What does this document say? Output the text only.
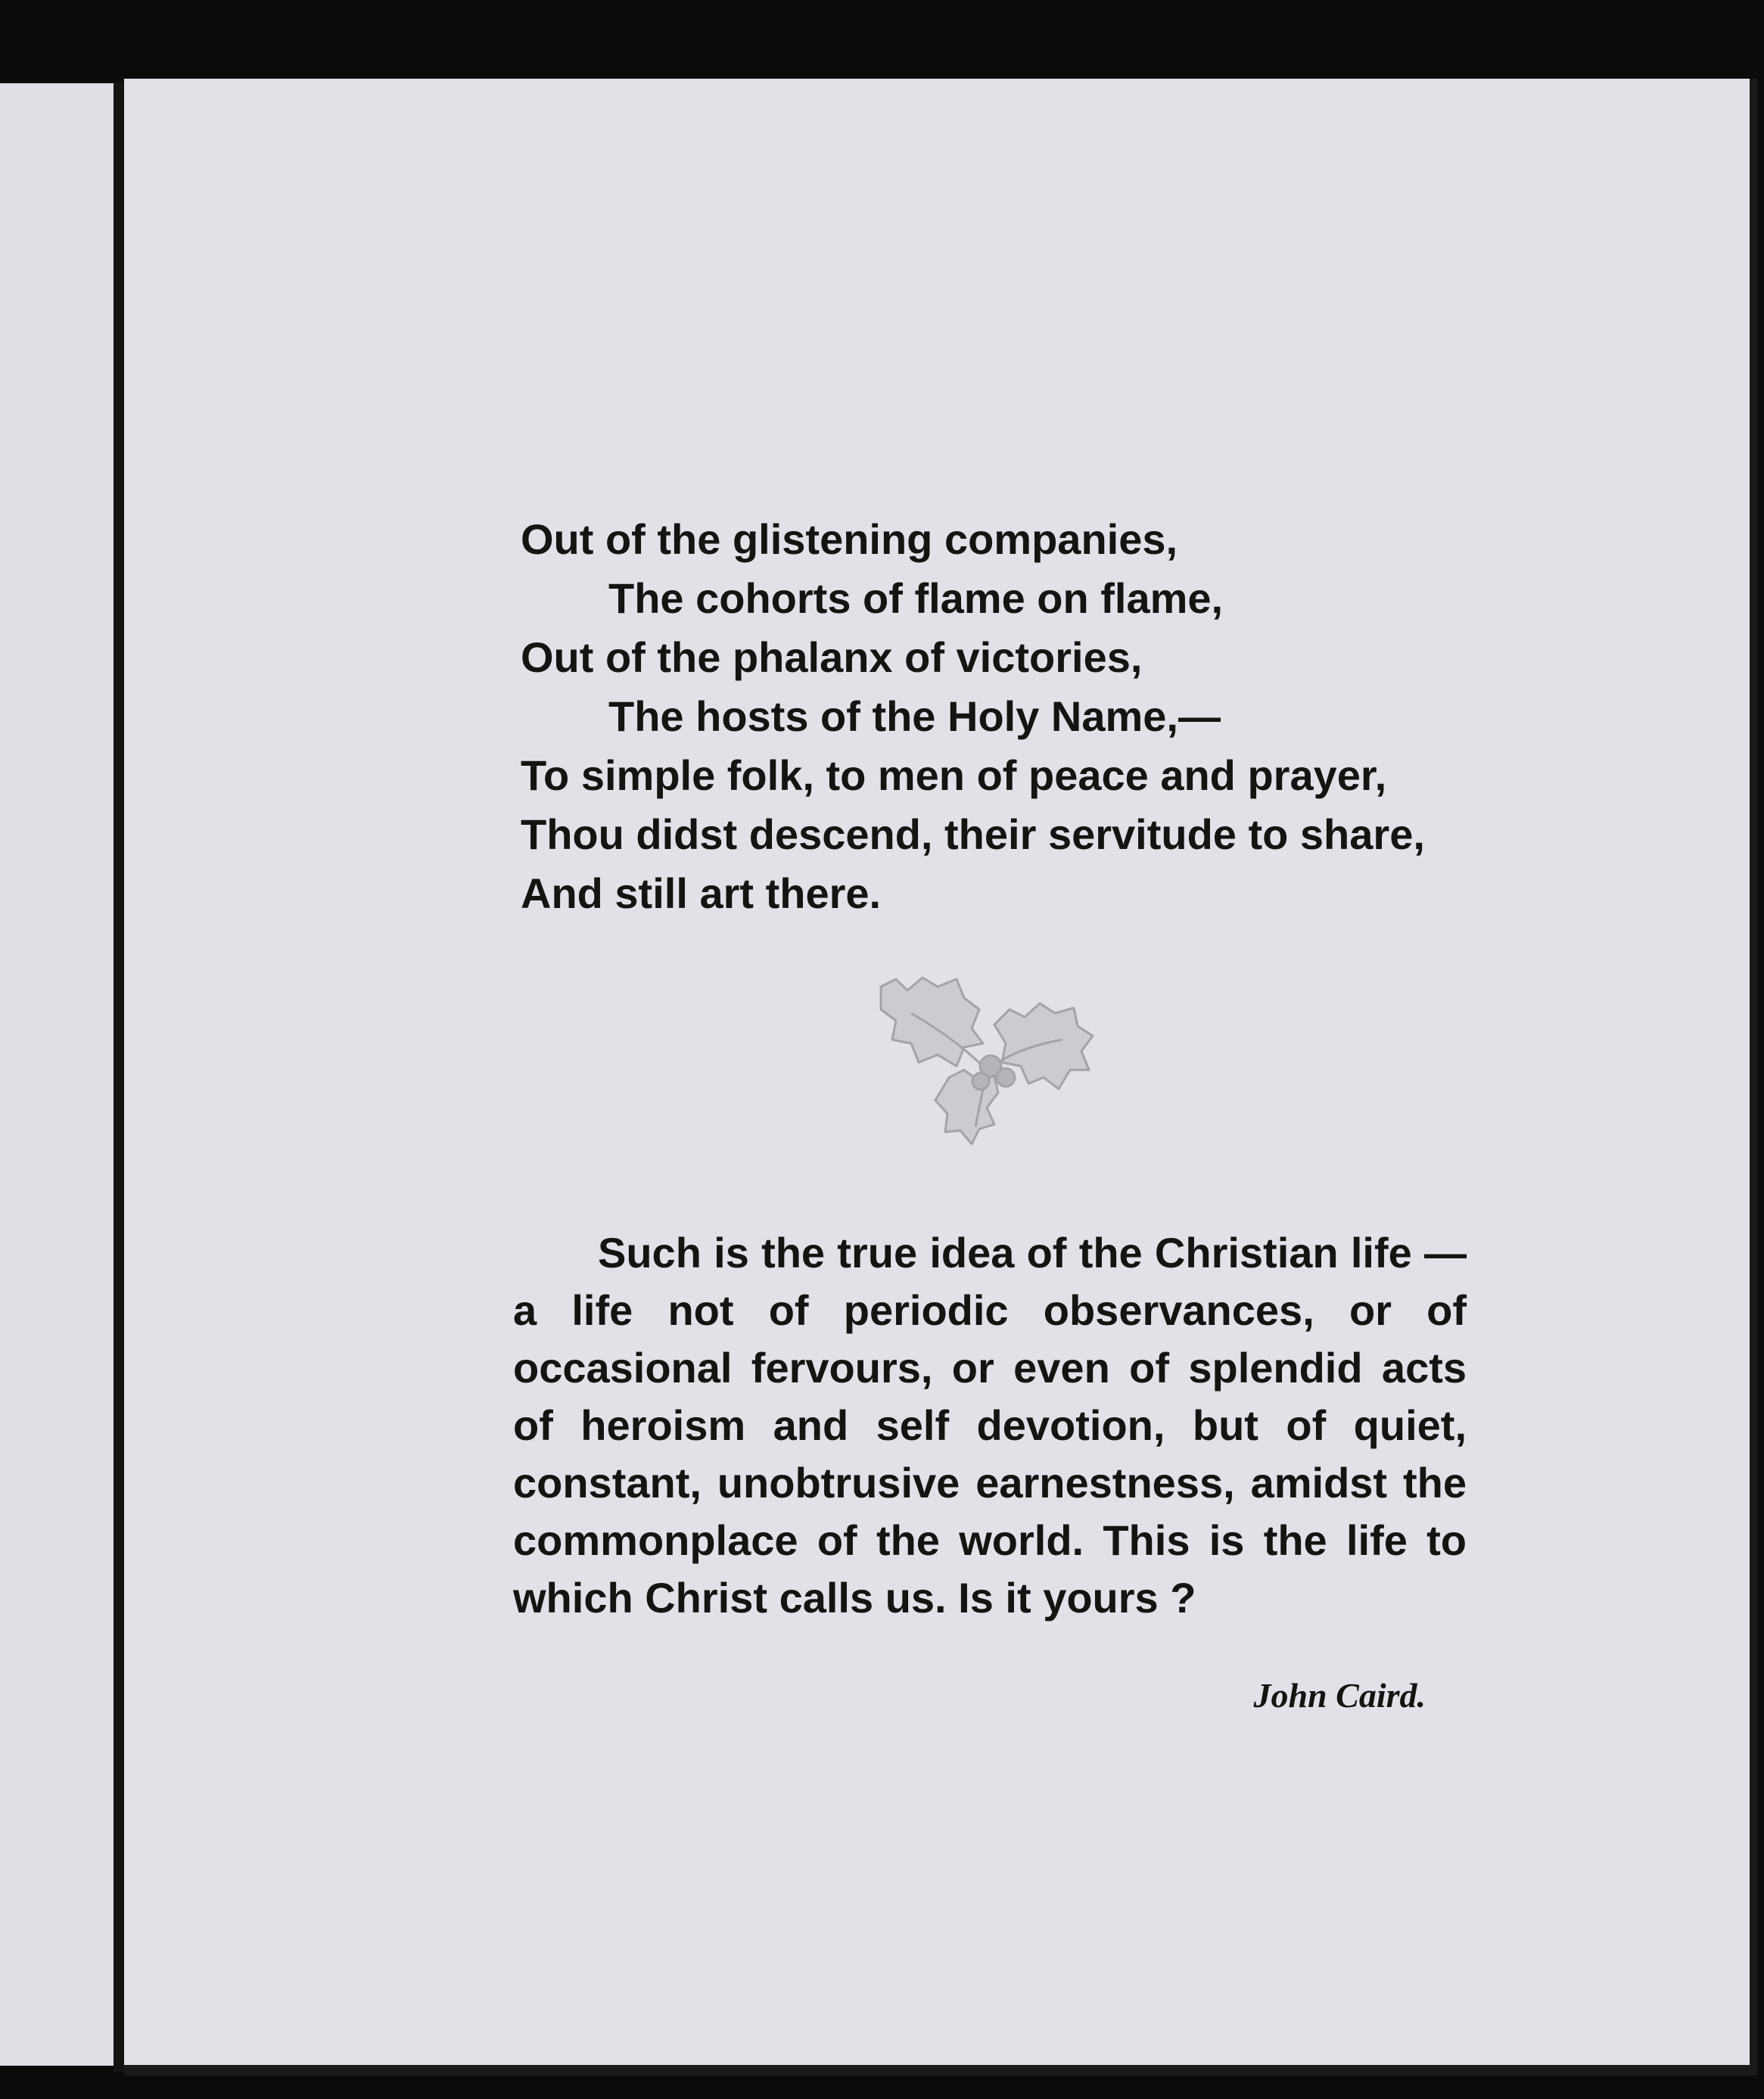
Out of the glistening companies,
The cohorts of flame on flame,
Out of the phalanx of victories,
The hosts of the Holy Name,—
To simple folk, to men of peace and prayer,
Thou didst descend, their servitude to share,
And still art there.

Such is the true idea of the Christian life —a life not of periodic observances, or of occasional fervours, or even of splendid acts of heroism and self devotion, but of quiet, constant, unobtrusive earnestness, amidst the commonplace of the world. This is the life to which Christ calls us. Is it yours ?

John Caird.
